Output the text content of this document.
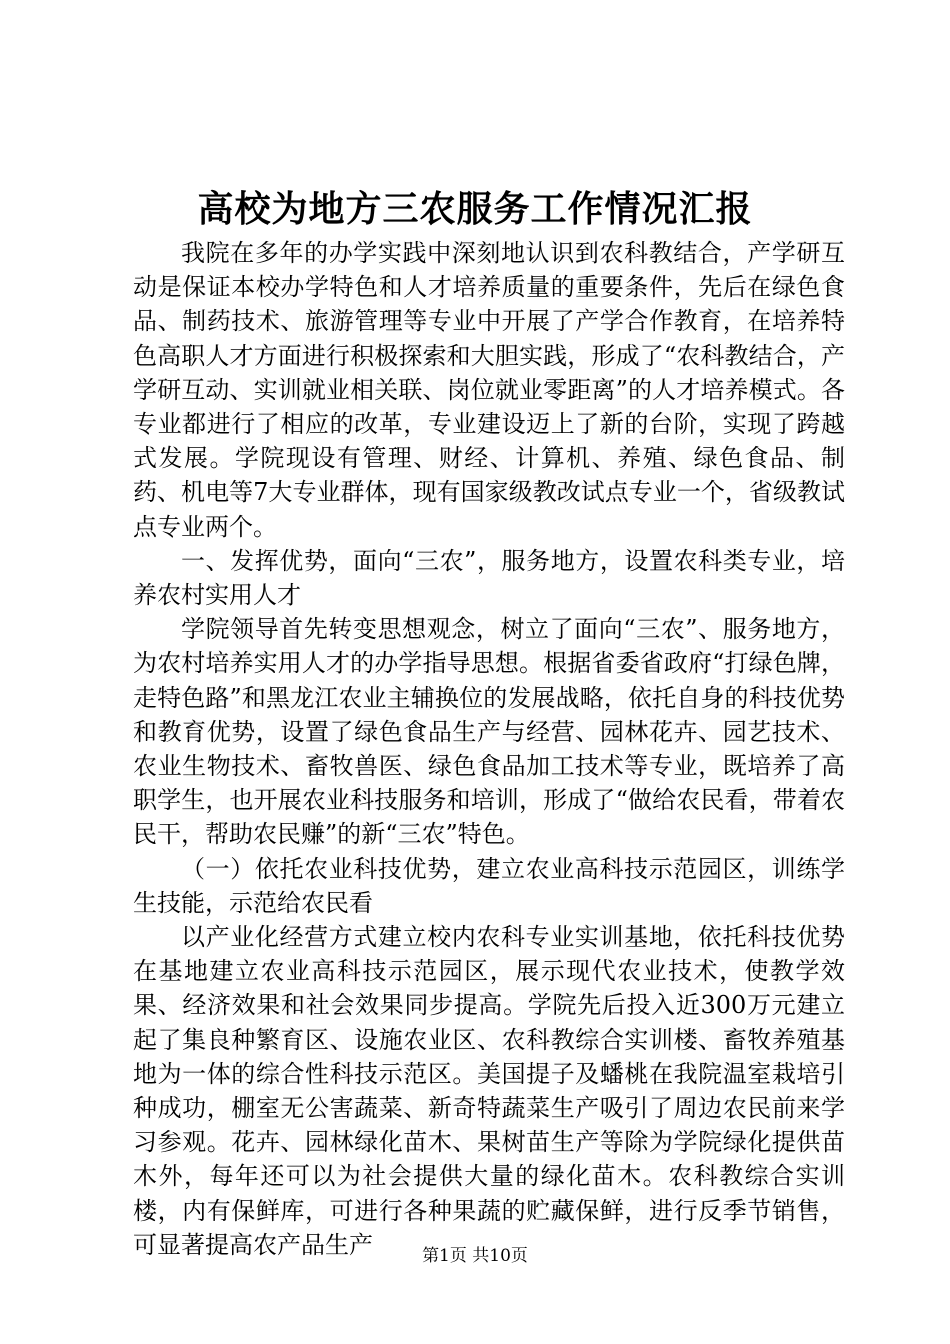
高校为地方三农服务工作情况汇报

我院在多年的办学实践中深刻地认识到农科教结合，产学研互动是保证本校办学特色和人才培养质量的重要条件，先后在绿色食品、制药技术、旅游管理等专业中开展了产学合作教育，在培养特色高职人才方面进行积极探索和大胆实践，形成了“农科教结合，产学研互动、实训就业相关联、岗位就业零距离”的人才培养模式。各专业都进行了相应的改革，专业建设迈上了新的台阶，实现了跨越式发展。学院现设有管理、财经、计算机、养殖、绿色食品、制药、机电等7大专业群体，现有国家级教改试点专业一个，省级教试点专业两个。

一、发挥优势，面向“三农”，服务地方，设置农科类专业，培养农村实用人才

学院领导首先转变思想观念，树立了面向“三农”、服务地方，为农村培养实用人才的办学指导思想。根据省委省政府“打绿色牌，走特色路”和黑龙江农业主辅换位的发展战略，依托自身的科技优势和教育优势，设置了绿色食品生产与经营、园林花卉、园艺技术、农业生物技术、畜牧兽医、绿色食品加工技术等专业，既培养了高职学生，也开展农业科技服务和培训，形成了“做给农民看，带着农民干，帮助农民赚”的新“三农”特色。

（一）依托农业科技优势，建立农业高科技示范园区，训练学生技能，示范给农民看

以产业化经营方式建立校内农科专业实训基地，依托科技优势在基地建立农业高科技示范园区，展示现代农业技术，使教学效果、经济效果和社会效果同步提高。学院先后投入近300万元建立起了集良种繁育区、设施农业区、农科教综合实训楼、畜牧养殖基地为一体的综合性科技示范区。美国提子及蟠桃在我院温室栽培引种成功，棚室无公害蔬菜、新奇特蔬菜生产吸引了周边农民前来学习参观。花卉、园林绿化苗木、果树苗生产等除为学院绿化提供苗木外，每年还可以为社会提供大量的绿化苗木。农科教综合实训楼，内有保鲜库，可进行各种果蔬的贮藏保鲜，进行反季节销售，可显著提高农产品生产	第1页 共10页
